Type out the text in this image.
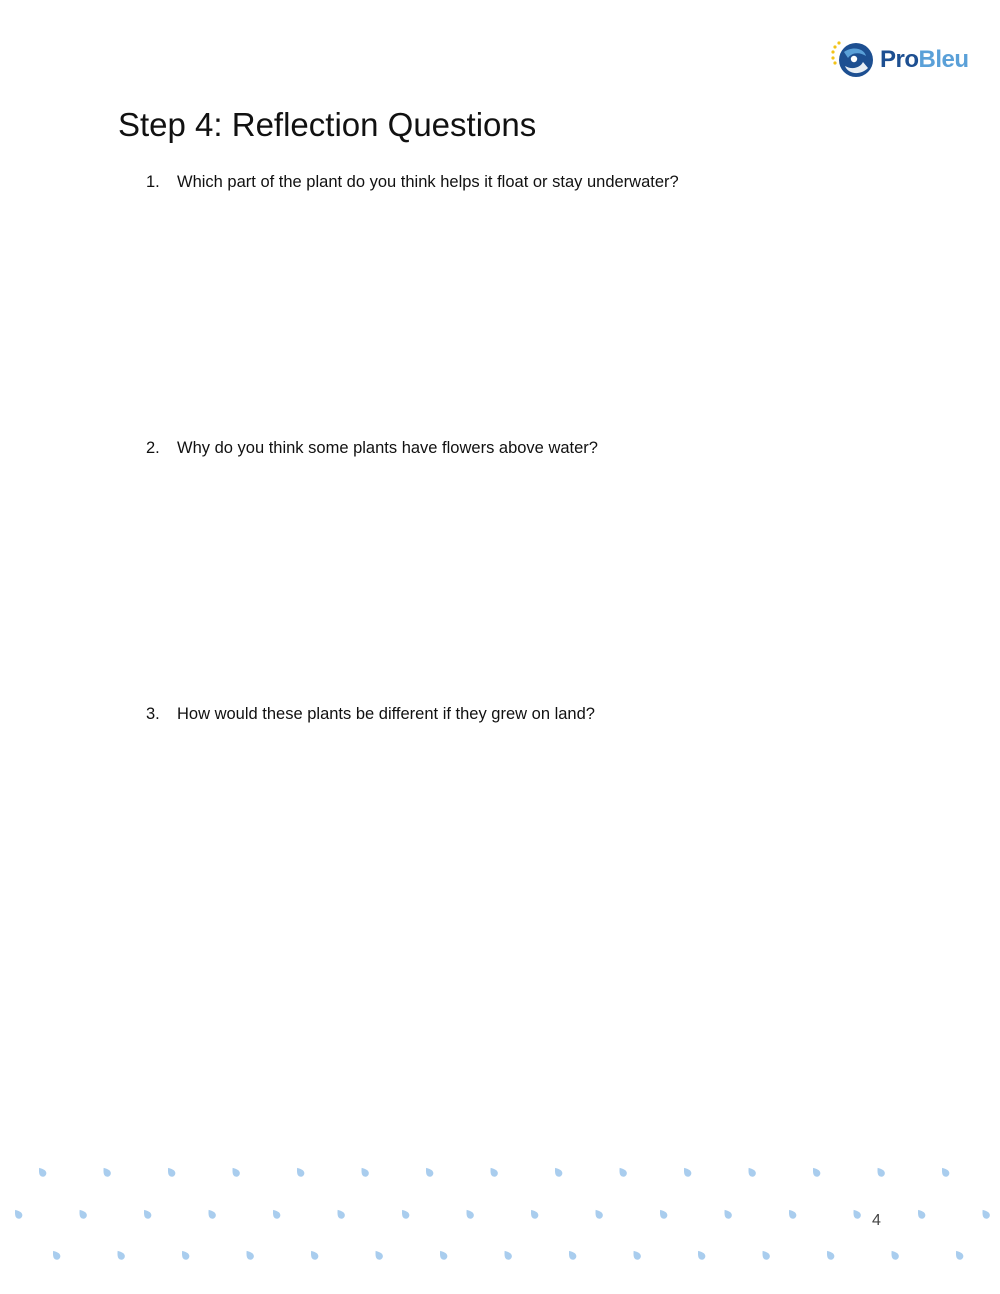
ProBleu
Step 4: Reflection Questions
1. Which part of the plant do you think helps it float or stay underwater?
2. Why do you think some plants have flowers above water?
3. How would these plants be different if they grew on land?
4
